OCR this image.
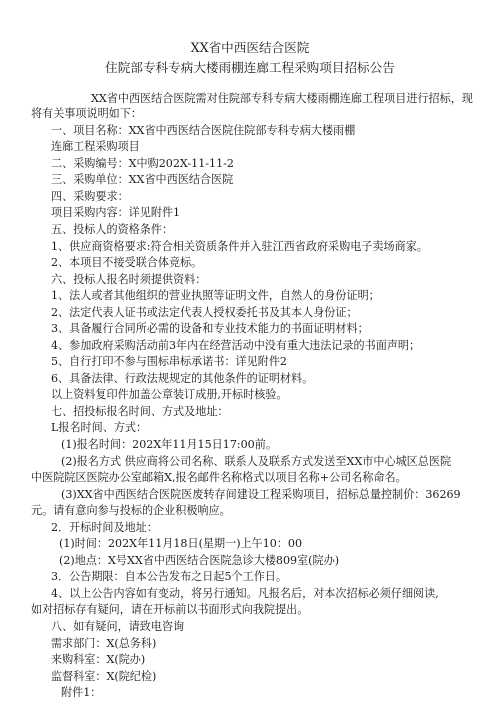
XX省中西医结合医院
住院部专科专病大楼雨棚连廊工程采购项目招标公告
XX省中西医结合医院需对住院部专科专病大楼雨棚连廊工程项目进行招标，现
将有关事项说明如下：
一、项目名称：XX省中西医结合医院住院部专科专病大楼雨棚
连廊工程采购项目
二、采购编号：X中购202X-11-11-2
三、采购单位：XX省中西医结合医院
四、采购要求：
项目采购内容：详见附件1
五、投标人的资格条件：
1、供应商资格要求:符合相关资质条件并入驻江西省政府采购电子卖场商家。
2、本项目不接受联合体竞标。
六、投标人报名时须提供资料：
1、法人或者其他组织的营业执照等证明文件，自然人的身份证明；
2、法定代表人证书或法定代表人授权委托书及其本人身份证；
3、具备履行合同所必需的设备和专业技术能力的书面证明材料；
4、参加政府采购活动前3年内在经营活动中没有重大违法记录的书面声明；
5、自行打印不参与围标串标承诺书：详见附件2
6、具备法律、行政法规规定的其他条件的证明材料。
以上资料复印件加盖公章装订成册,开标时核验。
七、招投标报名时间、方式及地址：
L报名时间、方式：
(1)报名时间：202X年11月15日17:00前。
(2)报名方式 供应商将公司名称、联系人及联系方式发送至XX市中心城区总医院
中医院院区医院办公室邮箱X,报名邮件名称格式以项目名称+公司名称命名。
(3)XX省中西医结合医院医废转存间建设工程采购项目，招标总量控制价：36269
元。请有意向参与投标的企业积极响应。
2．开标时间及地址：
(1)时间：202X年11月18日(星期一)上午10：00
(2)地点：X号XX省中西医结合医院急诊大楼809室(院办)
3．公告期限：自本公告发布之日起5个工作日。
4、以上公告内容如有变动，将另行通知。凡报名后，对本次招标必须仔细阅读,
如对招标存有疑问，请在开标前以书面形式向我院提出。
八、如有疑问，请致电咨询
需求部门：X(总务科)
来购科室：X(院办)
监督科室：X(院纪检)
附件1：
